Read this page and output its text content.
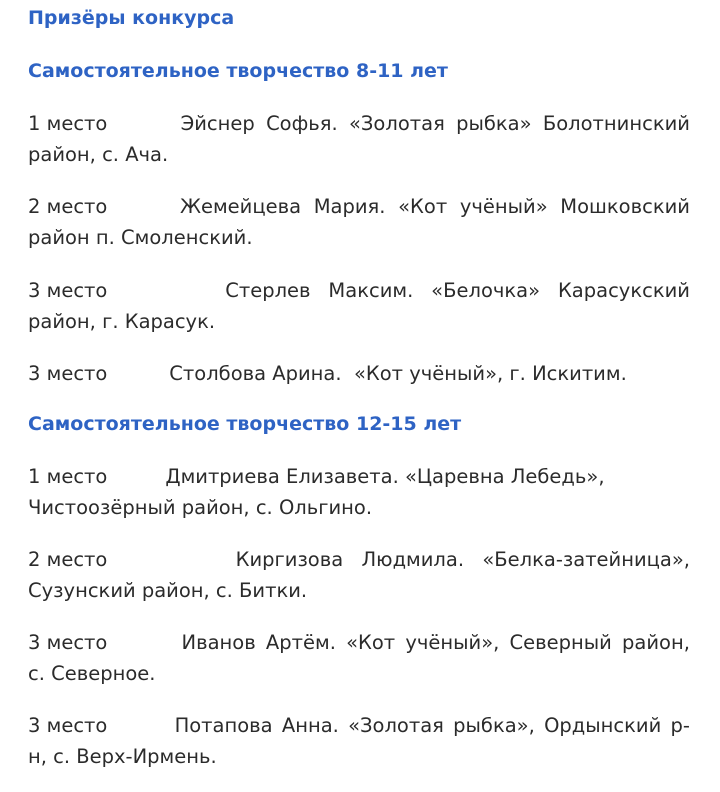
Призёры конкурса
Самостоятельное творчество 8-11 лет
1 место	Эйснер Софья. «Золотая рыбка» Болотнинский
район, с. Ача.
2 место	Жемейцева Мария. «Кот учёный» Мошковский
район п. Смоленский.
3 место	Стерлев Максим. «Белочка» Карасукский
район, г. Карасук.
3 место          Столбова Арина.  «Кот учёный», г. Искитим.
Самостоятельное творчество 12-15 лет
1 место	Дмитриева Елизавета. «Царевна Лебедь»,
Чистоозёрный район, с. Ольгино.
2 место	Киргизова Людмила. «Белка-затейница»,
Сузунский район, с. Битки.
3 место	Иванов Артём. «Кот учёный», Северный район,
с. Северное.
3 место	Потапова Анна. «Золотая рыбка», Ордынский р-
н, с. Верх-Ирмень.
